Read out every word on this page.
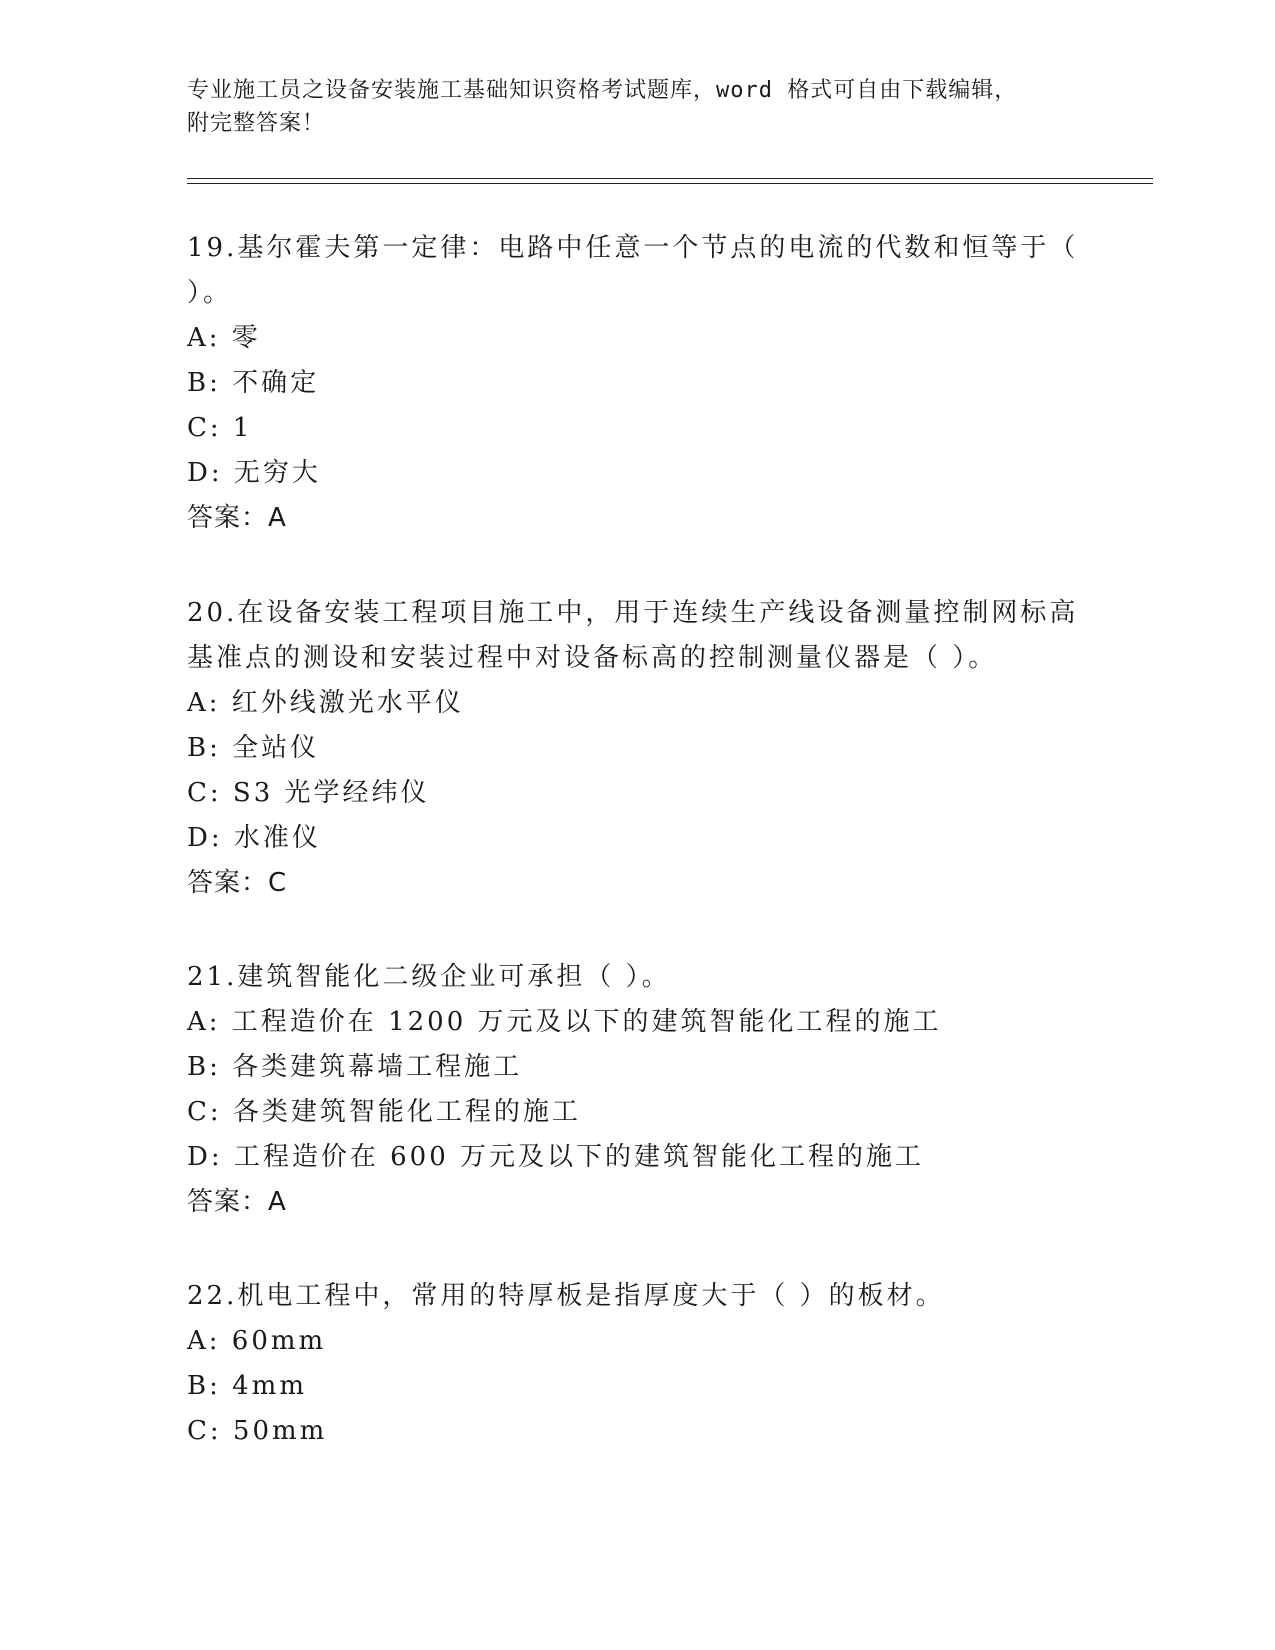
专业施工员之设备安装施工基础知识资格考试题库，word 格式可自由下载编辑，
附完整答案！
19.基尔霍夫第一定律：电路中任意一个节点的电流的代数和恒等于（
）。
A: 零
B: 不确定
C: 1
D: 无穷大
答案：A
20.在设备安装工程项目施工中，用于连续生产线设备测量控制网标高
基准点的测设和安装过程中对设备标高的控制测量仪器是（ ）。
A: 红外线激光水平仪
B: 全站仪
C: S3 光学经纬仪
D: 水准仪
答案：C
21.建筑智能化二级企业可承担（ ）。
A: 工程造价在 1200 万元及以下的建筑智能化工程的施工
B: 各类建筑幕墙工程施工
C: 各类建筑智能化工程的施工
D: 工程造价在 600 万元及以下的建筑智能化工程的施工
答案：A
22.机电工程中，常用的特厚板是指厚度大于（ ）的板材。
A: 60mm
B: 4mm
C: 50mm
